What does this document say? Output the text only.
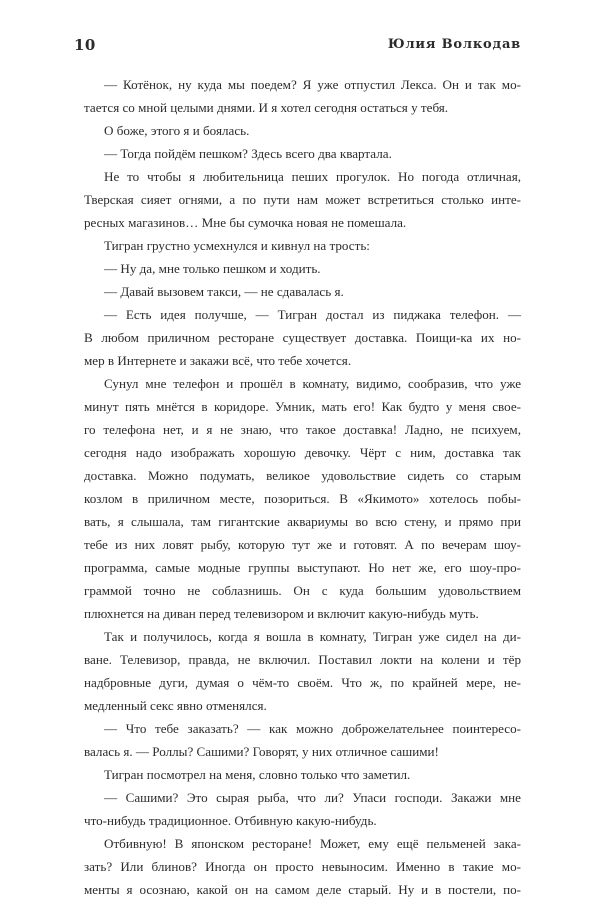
10	Юлия Волкодав
— Котёнок, ну куда мы поедем? Я уже отпустил Лекса. Он и так мо-
тается со мной целыми днями. И я хотел сегодня остаться у тебя.
О боже, этого я и боялась.
— Тогда пойдём пешком? Здесь всего два квартала.
Не то чтобы я любительница пеших прогулок. Но погода отличная,
Тверская сияет огнями, а по пути нам может встретиться столько инте-
ресных магазинов… Мне бы сумочка новая не помешала.
Тигран грустно усмехнулся и кивнул на трость:
— Ну да, мне только пешком и ходить.
— Давай вызовем такси, — не сдавалась я.
— Есть идея получше, — Тигран достал из пиджака телефон. —
В любом приличном ресторане существует доставка. Поищи-ка их но-
мер в Интернете и закажи всё, что тебе хочется.
Сунул мне телефон и прошёл в комнату, видимо, сообразив, что уже
минут пять мнётся в коридоре. Умник, мать его! Как будто у меня свое-
го телефона нет, и я не знаю, что такое доставка! Ладно, не психуем,
сегодня надо изображать хорошую девочку. Чёрт с ним, доставка так
доставка. Можно подумать, великое удовольствие сидеть со старым
козлом в приличном месте, позориться. В «Якимото» хотелось побы-
вать, я слышала, там гигантские аквариумы во всю стену, и прямо при
тебе из них ловят рыбу, которую тут же и готовят. А по вечерам шоу-
программа, самые модные группы выступают. Но нет же, его шоу-про-
граммой точно не соблазнишь. Он с куда большим удовольствием
плюхнется на диван перед телевизором и включит какую-нибудь муть.
Так и получилось, когда я вошла в комнату, Тигран уже сидел на ди-
ване. Телевизор, правда, не включил. Поставил локти на колени и тёр
надбровные дуги, думая о чём-то своём. Что ж, по крайней мере, не-
медленный секс явно отменялся.
— Что тебе заказать? — как можно доброжелательнее поинтересо-
валась я. — Роллы? Сашими? Говорят, у них отличное сашими!
Тигран посмотрел на меня, словно только что заметил.
— Сашими? Это сырая рыба, что ли? Упаси господи. Закажи мне
что-нибудь традиционное. Отбивную какую-нибудь.
Отбивную! В японском ресторане! Может, ему ещё пельменей зака-
зать? Или блинов? Иногда он просто невыносим. Именно в такие мо-
менты я осознаю, какой он на самом деле старый. Ну и в постели, по-
